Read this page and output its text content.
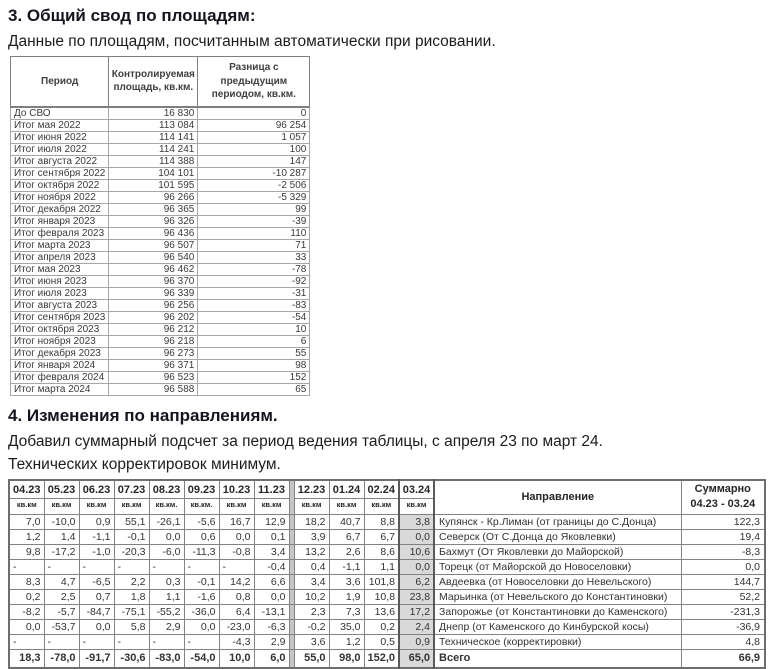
3. Общий свод по площадям:

Данные по площадям, посчитанным автоматически при рисовании.

Период	Контролируемая площадь, кв.км.	Разница с предыдущим периодом, кв.км.
До СВО	16 830	0
Итог мая 2022	113 084	96 254
Итог июня 2022	114 141	1 057
Итог июля 2022	114 241	100
Итог августа 2022	114 388	147
Итог сентября 2022	104 101	-10 287
Итог октября 2022	101 595	-2 506
Итог ноября 2022	96 266	-5 329
Итог декабря 2022	96 365	99
Итог января 2023	96 326	-39
Итог февраля 2023	96 436	110
Итог марта 2023	96 507	71
Итог апреля 2023	96 540	33
Итог мая 2023	96 462	-78
Итог июня 2023	96 370	-92
Итог июля 2023	96 339	-31
Итог августа 2023	96 256	-83
Итог сентября 2023	96 202	-54
Итог октября 2023	96 212	10
Итог ноября 2023	96 218	6
Итог декабря 2023	96 273	55
Итог января 2024	96 371	98
Итог февраля 2024	96 523	152
Итог марта 2024	96 588	65
4. Изменения по направлениям.

Добавил суммарный подсчет за период ведения таблицы, с апреля 23 по март 24.

Технических корректировок минимум.

04.23	05.23	06.23	07.23	08.23	09.23	10.23	11.23		12.23	01.24	02.24	03.24	Направление	Суммарно
04.23 - 03.24

кв.км	кв.км	кв.км	кв.км	кв.км.	кв.км.	кв.км	кв.км		кв.км	кв.км	кв.км	кв.км		
7,0	-10,0	0,9	55,1	-26,1	-5,6	16,7	12,9		18,2	40,7	8,8	3,8	Купянск - Кр.Лиман (от границы до С.Донца)	122,3
1,2	1,4	-1,1	-0,1	0,0	0,6	0,0	0,1		3,9	6,7	6,7	0,0	Северск (От С.Донца до Яковлевки)	19,4
9,8	-17,2	-1,0	-20,3	-6,0	-11,3	-0,8	3,4		13,2	2,6	8,6	10,6	Бахмут (От Яковлевки до Майорской)	-8,3
-	-	-	-	-	-	-	-0,4		0,4	-1,1	1,1	0,0	Торецк (от Майорской до Новоселовки)	0,0
8,3	4,7	-6,5	2,2	0,3	-0,1	14,2	6,6		3,4	3,6	101,8	6,2	Авдеевка (от Новоселовки до Невельского)	144,7
0,2	2,5	0,7	1,8	1,1	-1,6	0,8	0,0		10,2	1,9	10,8	23,8	Марьинка (от Невельского до Константиновки)	52,2
-8,2	-5,7	-84,7	-75,1	-55,2	-36,0	6,4	-13,1		2,3	7,3	13,6	17,2	Запорожье (от Константиновки до Каменского)	-231,3
0,0	-53,7	0,0	5,8	2,9	0,0	-23,0	-6,3		-0,2	35,0	0,2	2,4	Днепр (от Каменского до Кинбурской косы)	-36,9
-	-	-	-	-	-	-4,3	2,9		3,6	1,2	0,5	0,9	Техническое (корректировки)	4,8
18,3	-78,0	-91,7	-30,6	-83,0	-54,0	10,0	6,0		55,0	98,0	152,0	65,0	Всего	66,9
